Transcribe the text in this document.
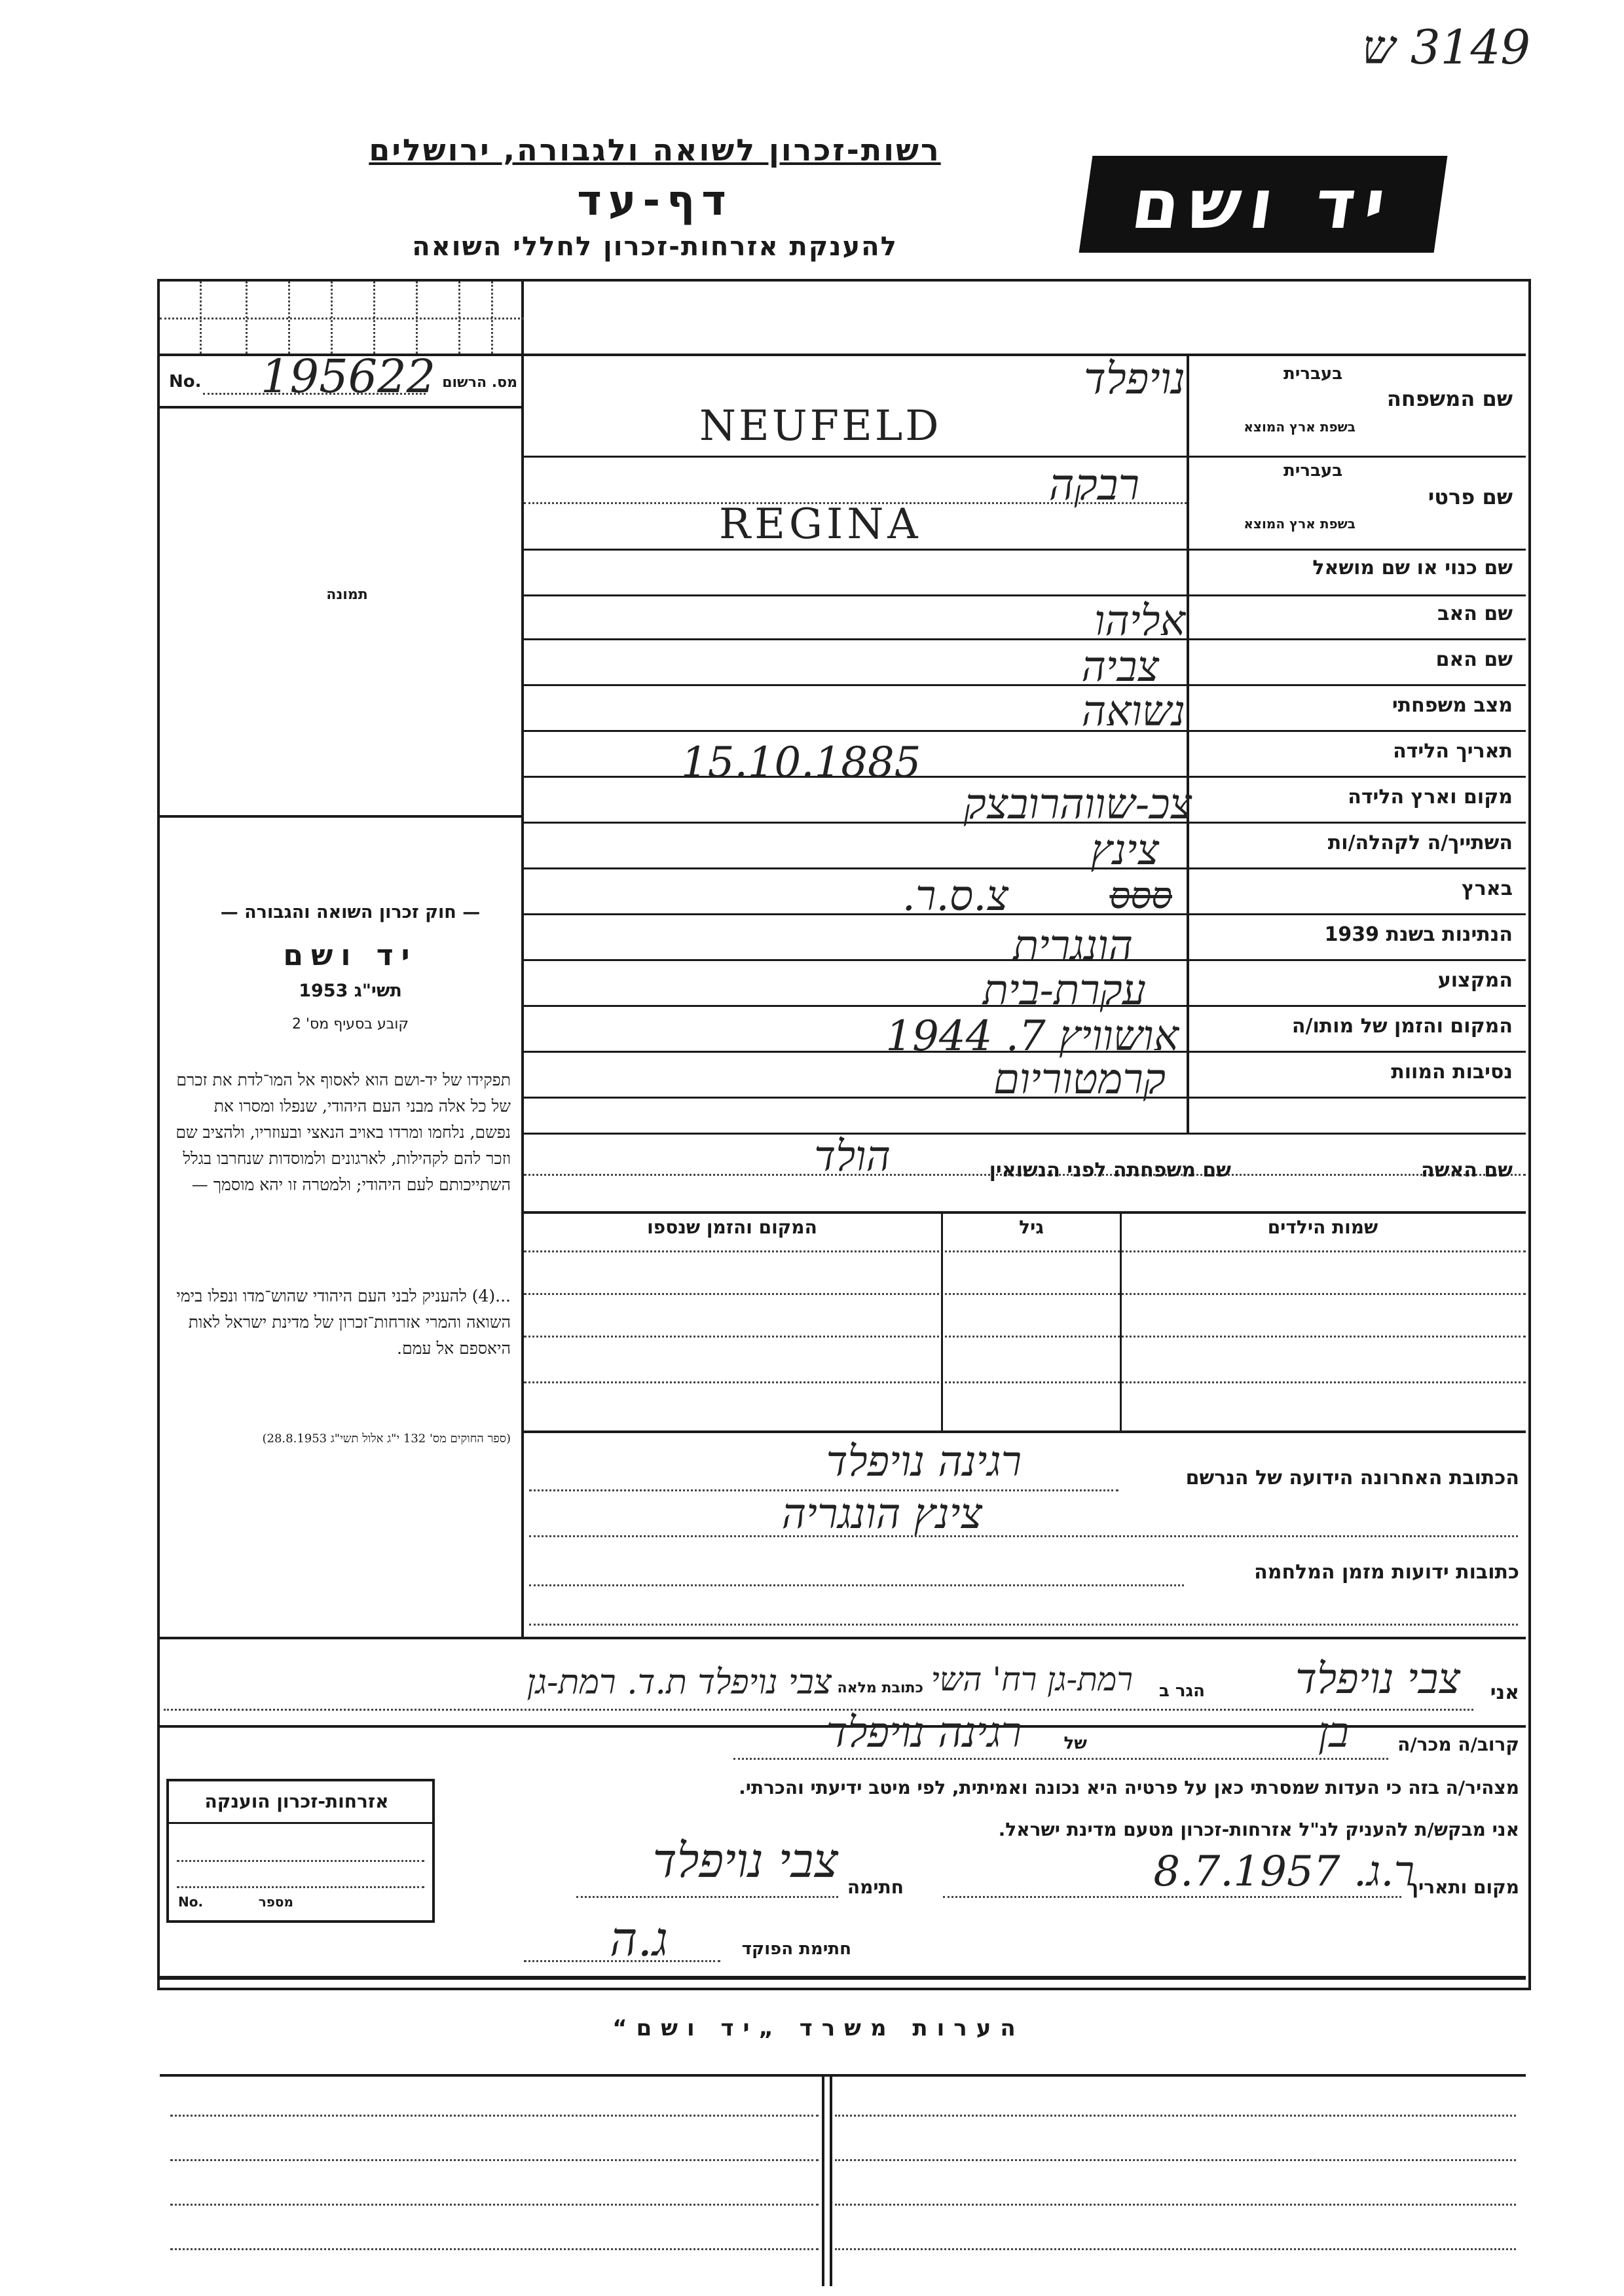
3149 ש
רשות-זכרון לשואה ולגבורה, ירושלים
דף-עד
להענקת אזרחות-זכרון לחללי השואה
יד ושם
No.	מס. הרשום
195622
תמונה
שם המשפחה
בעברית
בשפת ארץ המוצא
שם פרטי
בעברית
בשפת ארץ המוצא
שם כנוי או שם מושאל
שם האב
שם האם
מצב משפחתי
תאריך הלידה
מקום וארץ הלידה
השתייך/ה לקהלה/ות
בארץ
הנתינות בשנת 1939
המקצוע
המקום והזמן של מותו/ה
נסיבות המוות
שם האשה
שם משפחתה לפני הנשואין
שמות הילדים
גיל
המקום והזמן שנספו
נויפלד
NEUFELD
רבקה
REGINA
אליהו
צביה
נשואה
15.10.1885
צכ-שווהרובצק
צינץ
ססס
צ.ס.ר.
הונגרית
עקרת-בית
אושוויץ 7. 1944
קרמטוריום
הולד
— חוק זכרון השואה והגבורה —
יד ושם
תשי"ג 1953
קובע בסעיף מס' 2
תפקידו של יד-ושם הוא לאסוף אל המו־לדת את זכרם של כל אלה מבני העם היהודי, שנפלו ומסרו את נפשם, נלחמו ומרדו באויב הנאצי ובעוזריו, ולהציב שם וזכר להם לקהילות, לארגונים ולמוסדות שנחרבו בגלל השתייכותם לעם היהודי; ולמטרה זו יהא מוסמך —
...(4) להעניק לבני העם היהודי שהוש־מדו ונפלו בימי השואה והמרי אזרחות־זכרון של מדינת ישראל לאות היאספם אל עמם.
(ספר החוקים מס' 132 י"ג אלול תשי"ג 28.8.1953)
הכתובת האחרונה הידועה של הנרשם
רגינה נויפלד
צינץ הונגריה
כתובות ידועות מזמן המלחמה
אני
צבי נויפלד
הגר ב
רמת-גן רח' השי
כתובת מלאה
צבי נויפלד ת.ד. רמת-גן
קרוב/ה מכר/ה
בן
של
רגינה נויפלד
מצהיר/ה בזה כי העדות שמסרתי כאן על פרטיה היא נכונה ואמיתית, לפי מיטב ידיעתי והכרתי.
אני מבקש/ת להעניק לנ"ל אזרחות-זכרון מטעם מדינת ישראל.
מקום ותאריך
ר.ג. 8.7.1957
חתימה
צבי נויפלד
חתימת הפוקד
ג.ה
אזרחות-זכרון הוענקה
No.	מספר
הערות משרד „יד ושם“
